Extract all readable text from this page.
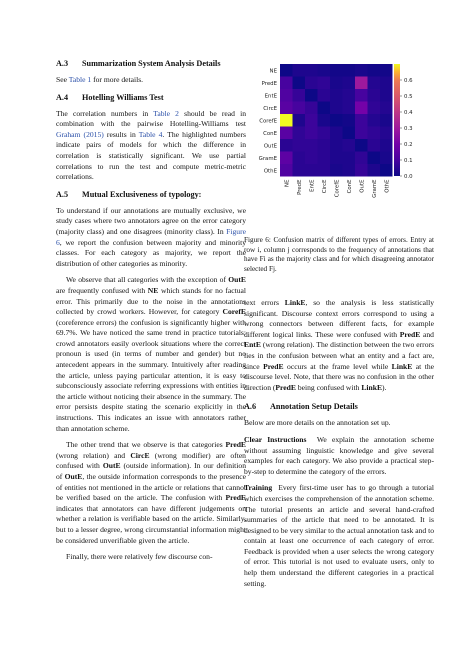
A.3 Summarization System Analysis Details

See Table 1 for more details.

A.4 Hotelling Williams Test

The correlation numbers in Table 2 should be read in combination with the pairwise Hotelling-Williams test Graham (2015) results in Table 4. The highlighted numbers indicate pairs of models for which the difference in correlation is statistically significant. We use partial correlations to run the test and compute metric-metric correlations.

A.5 Mutual Exclusiveness of typology:

To understand if our annotations are mutually exclusive, we study cases where two annotators agree on the error category (majority class) and one disagrees (minority class). In Figure 6, we report the confusion between majority and minority classes. For each category as majority, we report the distribution of other categories as minority.

We observe that all categories with the exception of OutE are frequently confused with NE which stands for no factual error. This primarily due to the noise in the annotations collected by crowd workers. However, for category CorefE (coreference errors) the confusion is significantly higher with 69.7%. We have noticed the same trend in practice tutorials: crowd annotators easily overlook situations where the correct pronoun is used (in terms of number and gender) but no antecedent appears in the summary. Intuitively after reading the article, unless paying particular attention, it is easy to subconsciously associate referring expressions with entities in the article without noticing their absence in the summary. The error persists despite stating the scenario explicitly in the instructions. This indicates an issue with annotators rather than annotation scheme.

The other trend that we observe is that categories PredE (wrong relation) and CircE (wrong modifier) are often confused with OutE (outside information). In our definition of OutE, the outside information corresponds to the presence of entities not mentioned in the article or relations that cannot be verified based on the article. The confusion with PredE indicates that annotators can have different judgements on whether a relation is verifiable based on the article. Similarly, but to a lesser degree, wrong circumstantial information might be considered unverifiable given the article.

Finally, there were relatively few discourse con-

NE
PredE
EntE
CircE
CorefE
ConE
OutE
GramE
OthE
NE PredE EntE CircE CorefE ConE OutE GramE OthE
0.6
0.5
0.4
0.3
0.2
0.1
0.0
Figure 6: Confusion matrix of different types of errors. Entry at row i, column j corresponds to the frequency of annotations that have Fi as the majority class and for which disagreeing annotator selected Fj.

text errors LinkE, so the analysis is less statistically significant. Discourse context errors correspond to using a wrong connectors between different facts, for example different logical links. These were confused with PredE and EntE (wrong relation). The distinction between the two errors lies in the confusion between what an entity and a fact are, since PredE occurs at the frame level while LinkE at the discourse level. Note, that there was no confusion in the other direction (PredE being confused with LinkE).

A.6 Annotation Setup Details

Below are more details on the annotation set up.

Clear Instructions We explain the annotation scheme without assuming linguistic knowledge and give several examples for each category. We also provide a practical step-by-step to determine the category of the errors.

Training Every first-time user has to go through a tutorial which exercises the comprehension of the annotation scheme. The tutorial presents an article and several hand-crafted summaries of the article that need to be annotated. It is designed to be very similar to the actual annotation task and to contain at least one occurrence of each category of error. Feedback is provided when a user selects the wrong category of error. This tutorial is not used to evaluate users, only to help them understand the different categories in a practical setting.
